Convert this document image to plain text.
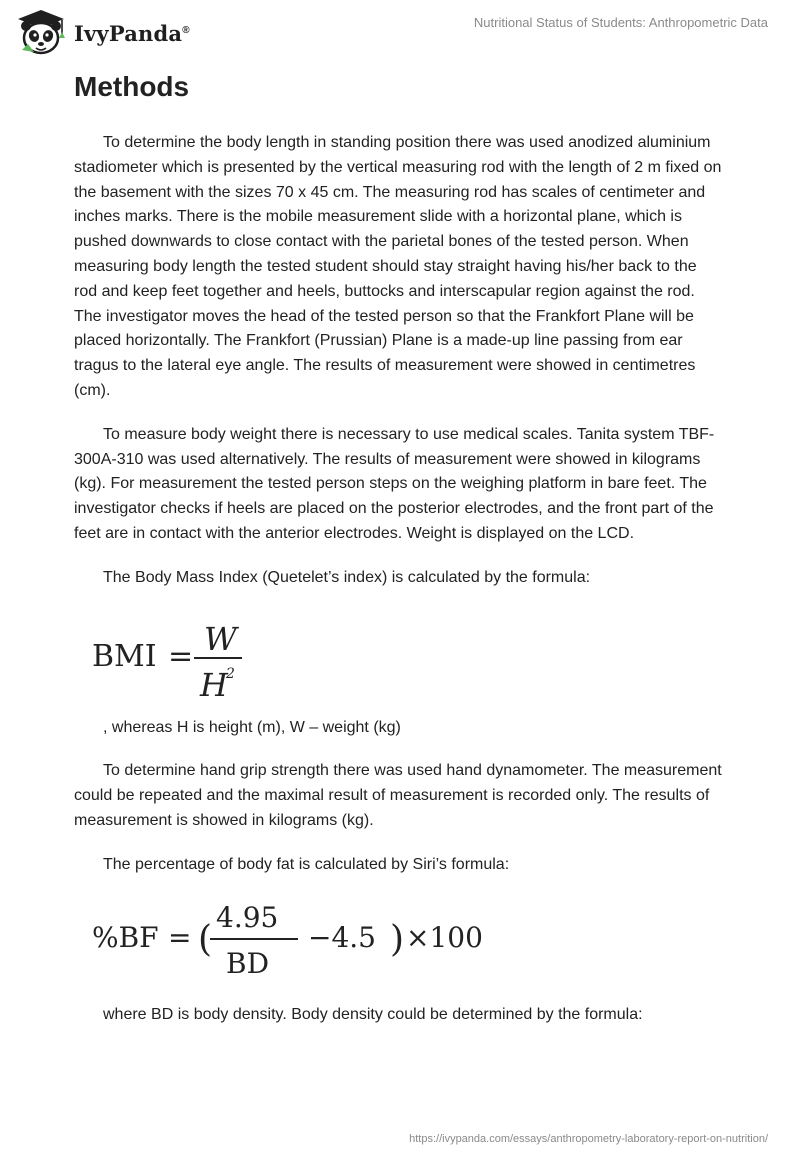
IvyPanda®	Nutritional Status of Students: Anthropometric Data
Methods

To determine the body length in standing position there was used anodized aluminium stadiometer which is presented by the vertical measuring rod with the length of 2 m fixed on the basement with the sizes 70 x 45 cm. The measuring rod has scales of centimeter and inches marks. There is the mobile measurement slide with a horizontal plane, which is pushed downwards to close contact with the parietal bones of the tested person. When measuring body length the tested student should stay straight having his/her back to the rod and keep feet together and heels, buttocks and interscapular region against the rod. The investigator moves the head of the tested person so that the Frankfort Plane will be placed horizontally. The Frankfort (Prussian) Plane is a made-up line passing from ear tragus to the lateral eye angle. The results of measurement were showed in centimetres (cm).

To measure body weight there is necessary to use medical scales. Tanita system TBF-300A-310 was used alternatively. The results of measurement were showed in kilograms (kg). For measurement the tested person steps on the weighing platform in bare feet. The investigator checks if heels are placed on the posterior electrodes, and the front part of the feet are in contact with the anterior electrodes. Weight is displayed on the LCD.

The Body Mass Index (Quetelet’s index) is calculated by the formula:

BMI = W
H
2

, whereas H is height (m), W – weight (kg)

To determine hand grip strength there was used hand dynamometer. The measurement could be repeated and the maximal result of measurement is recorded only. The results of measurement is showed in kilograms (kg).

The percentage of body fat is calculated by Siri’s formula:

%BF = (
4.95
BD
−4.5 ) ×100

where BD is body density. Body density could be determined by the formula:

https://ivypanda.com/essays/anthropometry-laboratory-report-on-nutrition/
